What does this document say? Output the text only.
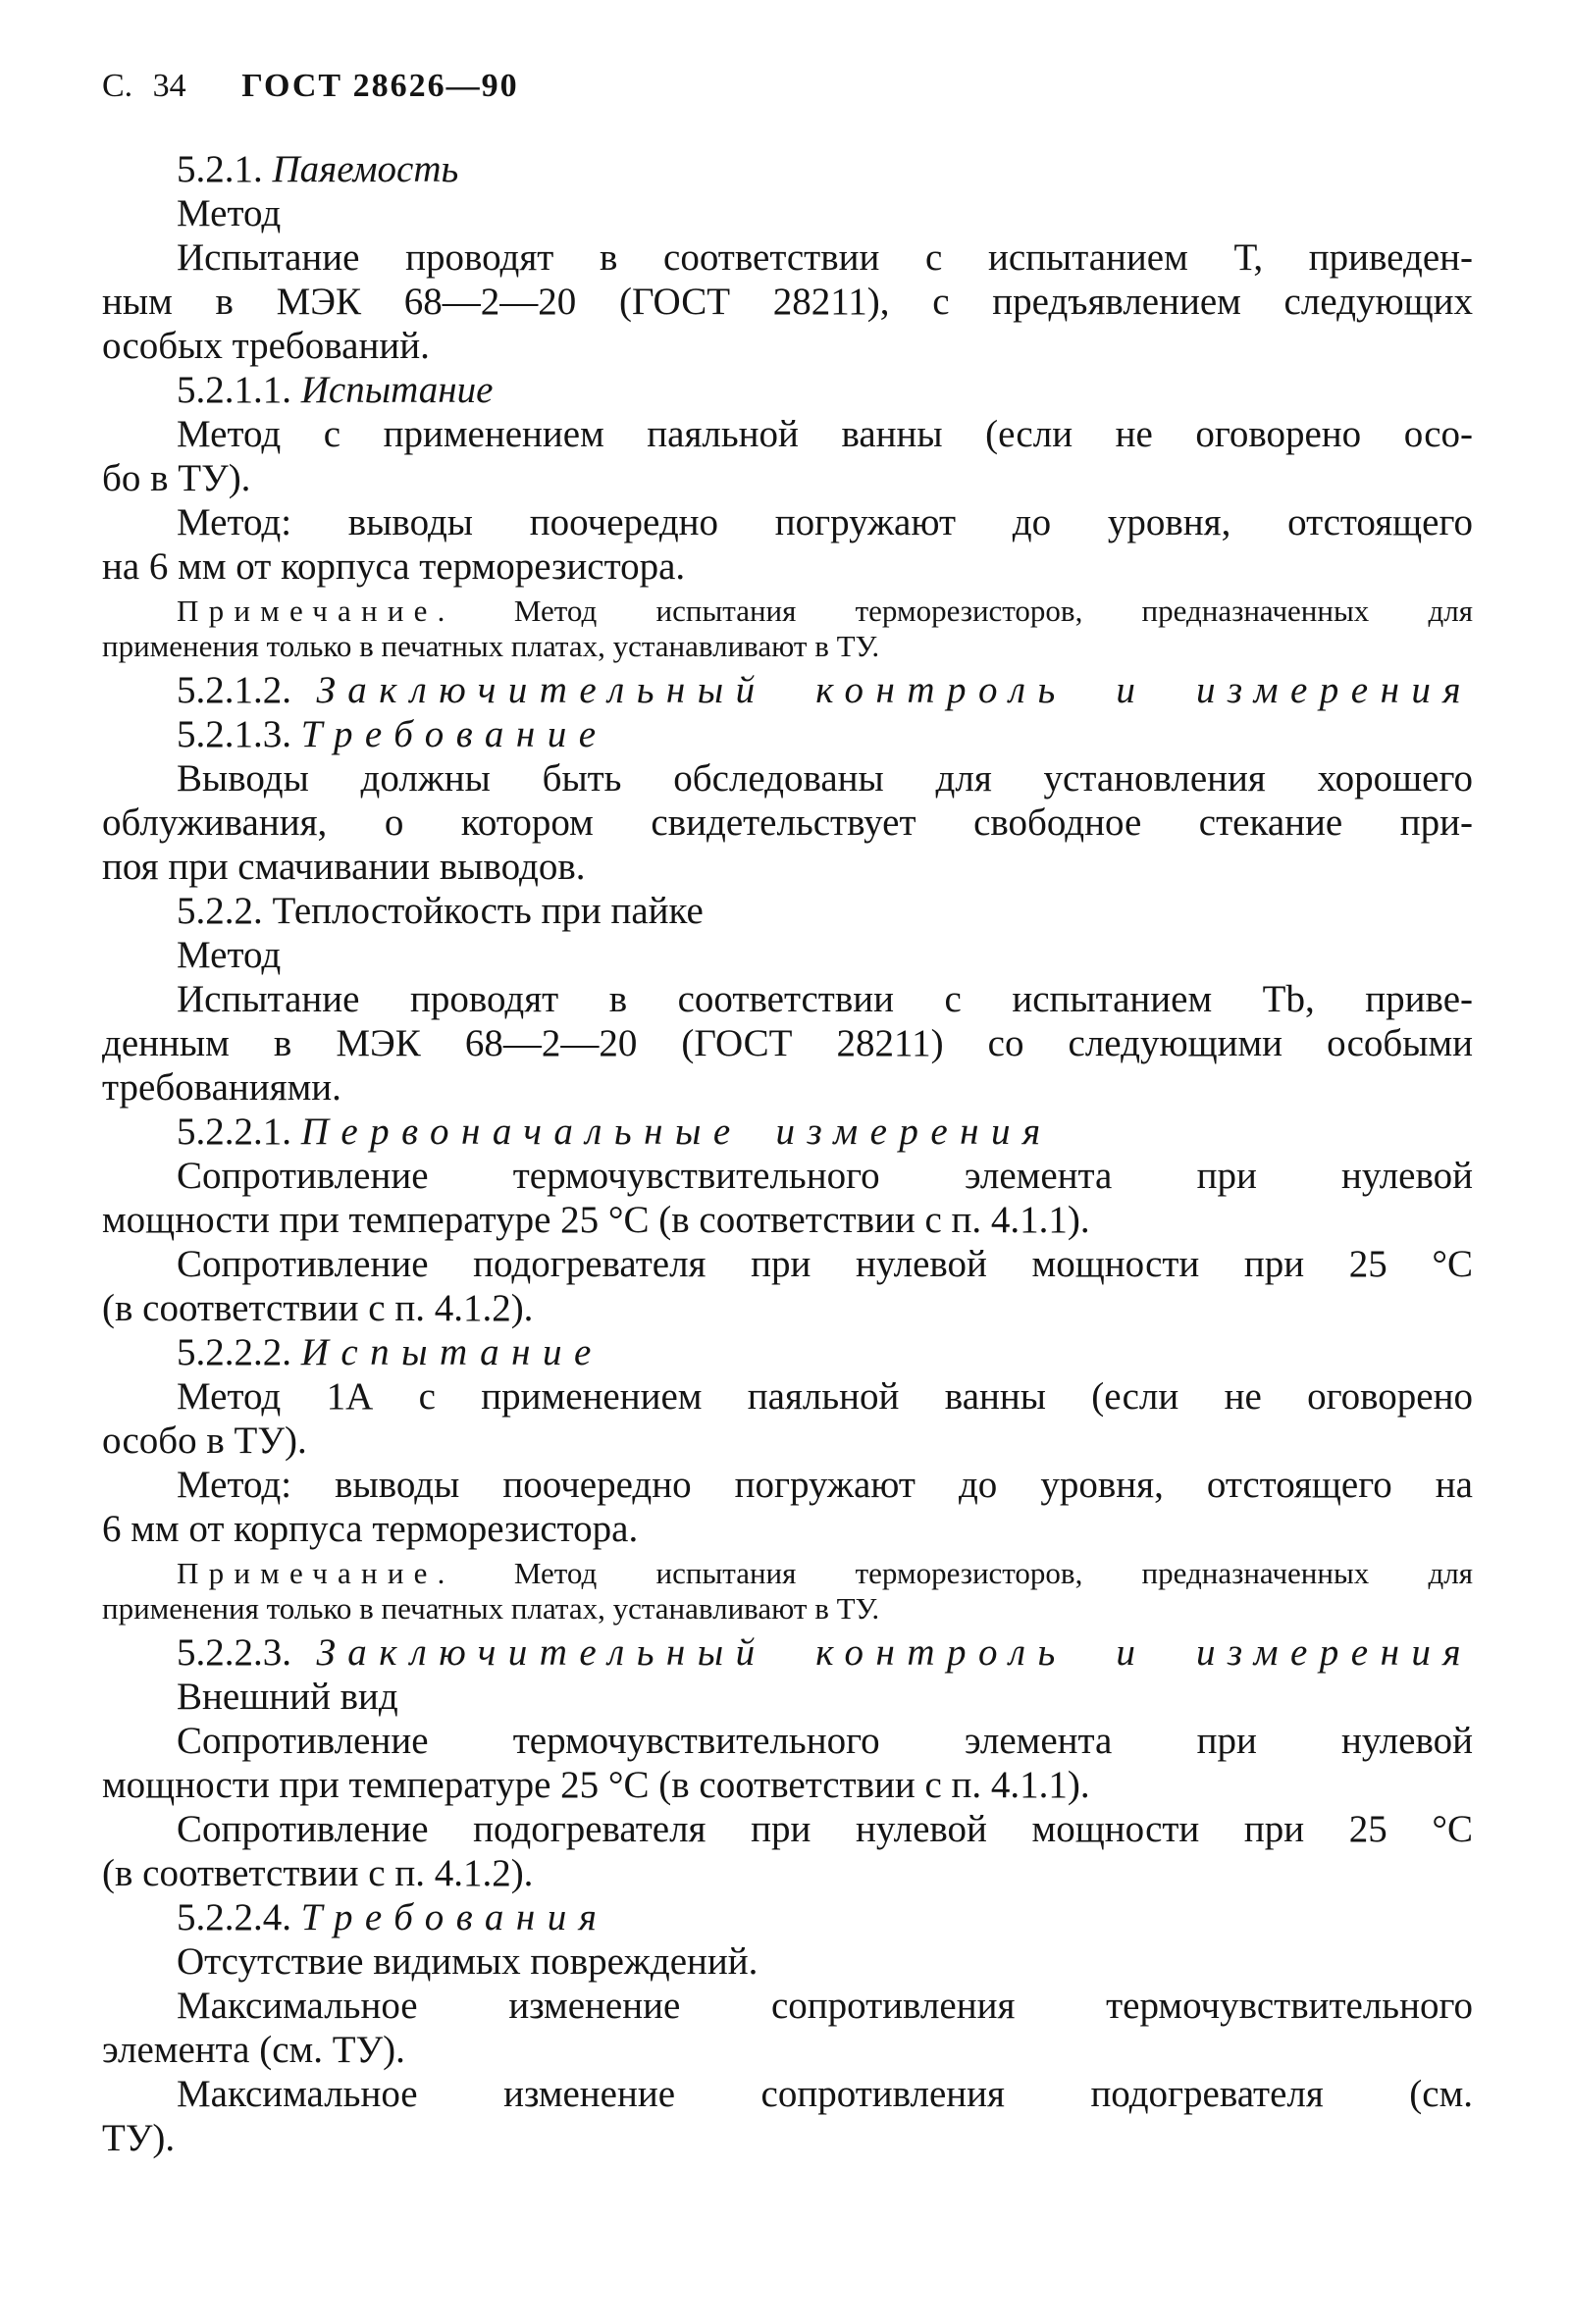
С. 34 ГОСТ 28626—90
5.2.1. Паяемость
Метод
Испытание проводят в соответствии с испытанием Т, приведен-
ным в МЭК 68—2—20 (ГОСТ 28211), с предъявлением следующих
особых требований.
5.2.1.1. Испытание
Метод с применением паяльной ванны (если не оговорено осо-
бо в ТУ).
Метод: выводы поочередно погружают до уровня, отстоящего
на 6 мм от корпуса терморезистора.
Примечание. Метод испытания терморезисторов, предназначенных для
применения только в печатных платах, устанавливают в ТУ.
5.2.1.2. Заключительный контроль и измерения
5.2.1.3. Требование
Выводы должны быть обследованы для установления хорошего
облуживания, о котором свидетельствует свободное стекание при-
поя при смачивании выводов.
5.2.2. Теплостойкость при пайке
Метод
Испытание проводят в соответствии с испытанием Tb, приве-
денным в МЭК 68—2—20 (ГОСТ 28211) со следующими особыми
требованиями.
5.2.2.1. Первоначальные измерения
Сопротивление термочувствительного элемента при нулевой
мощности при температуре 25 °С (в соответствии с п. 4.1.1).
Сопротивление подогревателя при нулевой мощности при 25 °С
(в соответствии с п. 4.1.2).
5.2.2.2. Испытание
Метод 1А с применением паяльной ванны (если не оговорено
особо в ТУ).
Метод: выводы поочередно погружают до уровня, отстоящего на
6 мм от корпуса терморезистора.
Примечание. Метод испытания терморезисторов, предназначенных для
применения только в печатных платах, устанавливают в ТУ.
5.2.2.3. Заключительный контроль и измерения
Внешний вид
Сопротивление термочувствительного элемента при нулевой
мощности при температуре 25 °С (в соответствии с п. 4.1.1).
Сопротивление подогревателя при нулевой мощности при 25 °С
(в соответствии с п. 4.1.2).
5.2.2.4. Требования
Отсутствие видимых повреждений.
Максимальное изменение сопротивления термочувствительного
элемента (см. ТУ).
Максимальное изменение сопротивления подогревателя (см.
ТУ).
